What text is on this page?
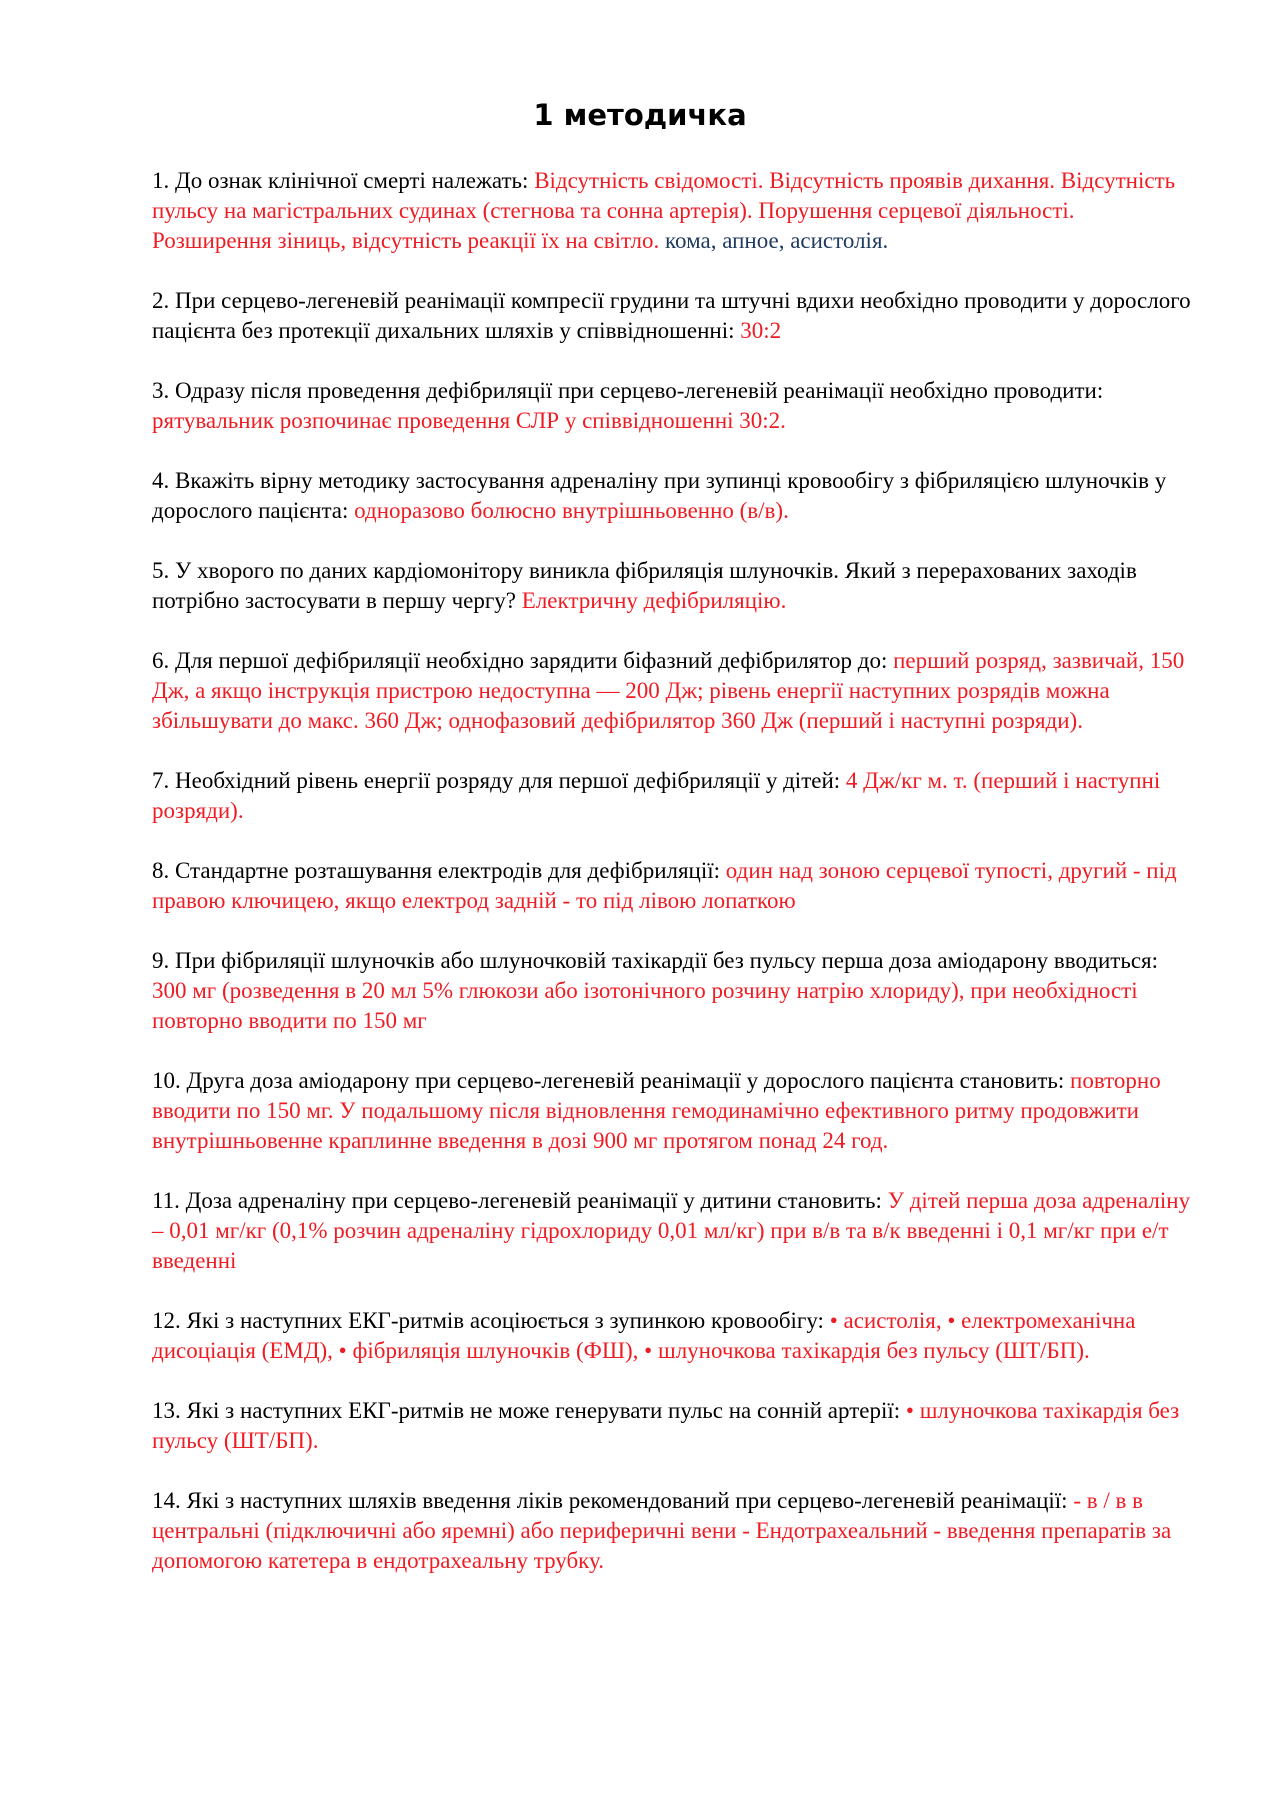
1 методичка
1. До ознак клінічної смерті належать: Відсутність свідомості. Відсутність проявів дихання. Відсутність пульсу на магістральних судинах (стегнова та сонна артерія). Порушення серцевої діяльності. Розширення зіниць, відсутність реакції їх на світло. кома, апное, асистолія.
2. При серцево-легеневій реанімації компресії грудини та штучні вдихи необхідно проводити у дорослого пацієнта без протекції дихальних шляхів у співвідношенні: 30:2
3. Одразу після проведення дефібриляції при серцево-легеневій реанімації необхідно проводити: рятувальник розпочинає проведення СЛР у співвідношенні 30:2.
4. Вкажіть вірну методику застосування адреналіну при зупинці кровообігу з фібриляцією шлуночків у дорослого пацієнта: одноразово болюсно внутрішньовенно (в/в).
5. У хворого по даних кардіомонітору виникла фібриляція шлуночків. Який з перерахованих заходів потрібно застосувати в першу чергу? Електричну дефібриляцію.
6. Для першої дефібриляції необхідно зарядити біфазний дефібрилятор до: перший розряд, зазвичай, 150 Дж, а якщо інструкція пристрою недоступна — 200 Дж; рівень енергії наступних розрядів можна збільшувати до макс. 360 Дж; однофазовий дефібрилятор 360 Дж (перший і наступні розряди).
7. Необхідний рівень енергії розряду для першої дефібриляції у дітей: 4 Дж/кг м. т. (перший і наступні розряди).
8. Стандартне розташування електродів для дефібриляції: один над зоною серцевої тупості, другий - під правою ключицею, якщо електрод задній - то під лівою лопаткою
9. При фібриляції шлуночків або шлуночковій тахікардії без пульсу перша доза аміодарону вводиться: 300 мг (розведення в 20 мл 5% глюкози або ізотонічного розчину натрію хлориду), при необхідності повторно вводити по 150 мг
10. Друга доза аміодарону при серцево-легеневій реанімації у дорослого пацієнта становить: повторно вводити по 150 мг. У подальшому після відновлення гемодинамічно ефективного ритму продовжити внутрішньовенне краплинне введення в дозі 900 мг протягом понад 24 год.
11. Доза адреналіну при серцево-легеневій реанімації у дитини становить: У дітей перша доза адреналіну – 0,01 мг/кг (0,1% розчин адреналіну гідрохлориду 0,01 мл/кг) при в/в та в/к введенні і 0,1 мг/кг при е/т введенні
12. Які з наступних ЕКГ-ритмів асоціюється з зупинкою кровообігу: • асистолія, • електромеханічна дисоціація (ЕМД), • фібриляція шлуночків (ФШ), • шлуночкова тахікардія без пульсу (ШТ/БП).
13. Які з наступних ЕКГ-ритмів не може генерувати пульс на сонній артерії: • шлуночкова тахікардія без пульсу (ШТ/БП).
14. Які з наступних шляхів введення ліків рекомендований при серцево-легеневій реанімації: - в / в в центральні (підключичні або яремні) або периферичні вени - Ендотрахеальний - введення препаратів за допомогою катетера в ендотрахеальну трубку.
